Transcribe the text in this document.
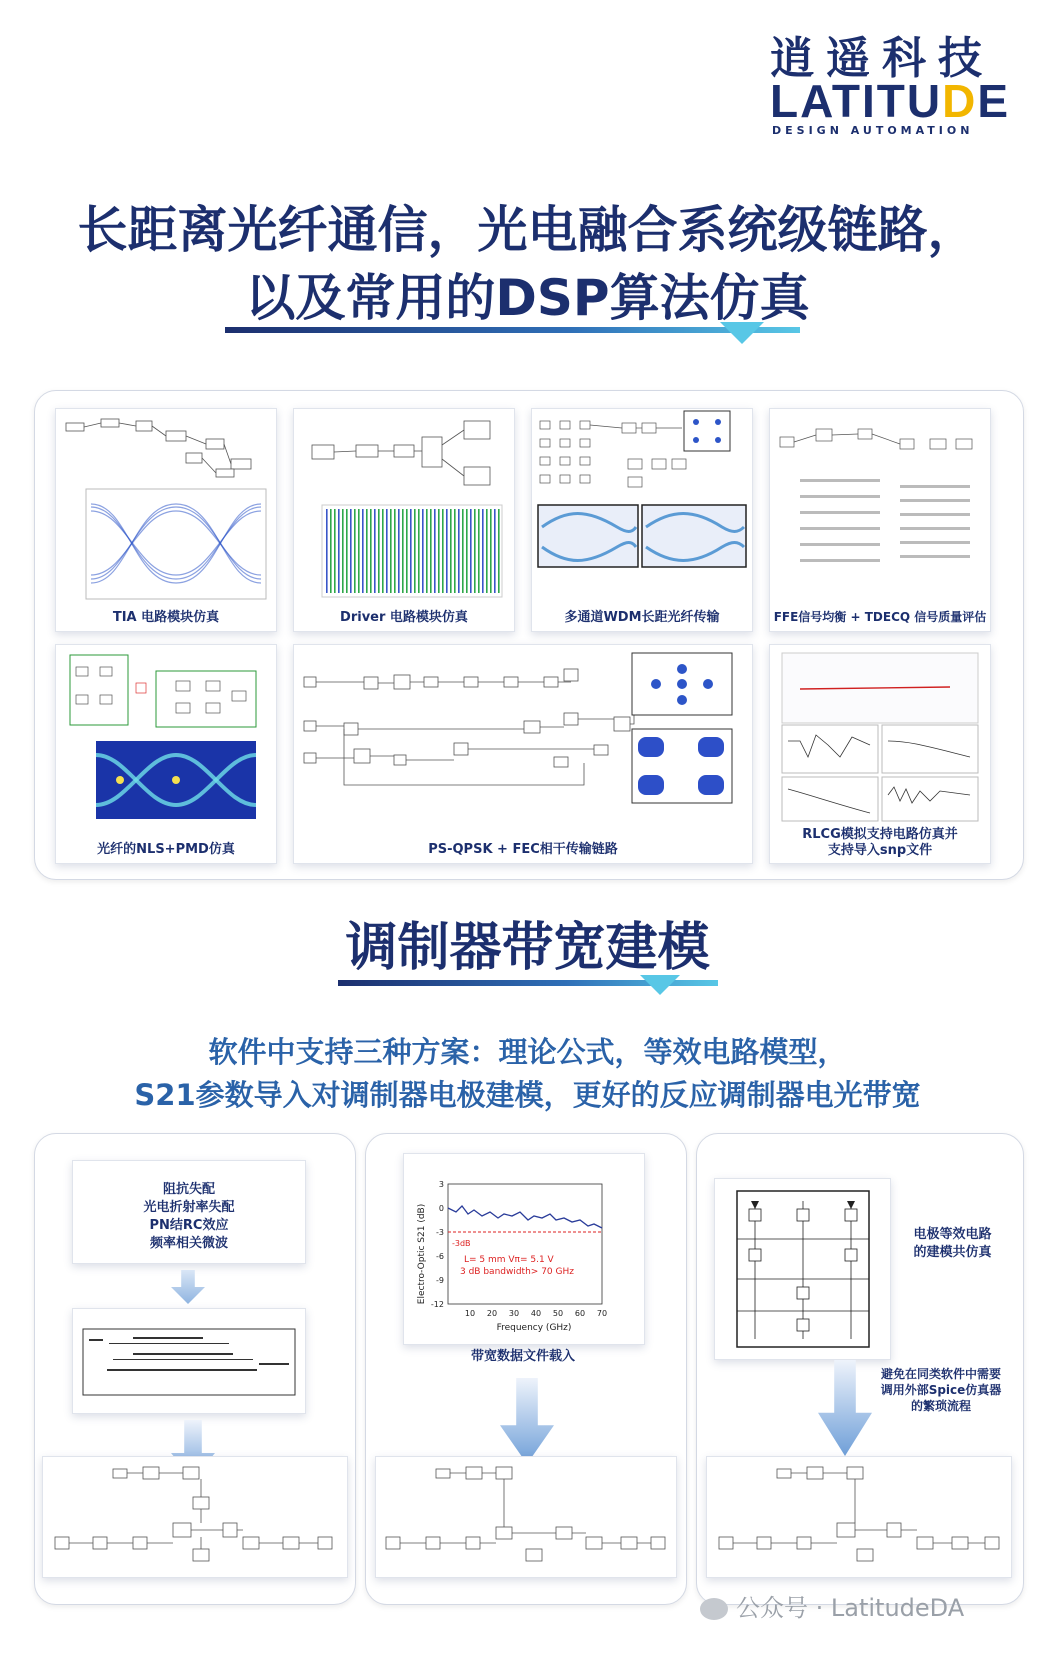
逍遥科技
LATITUDE
DESIGN AUTOMATION
长距离光纤通信，光电融合系统级链路，
以及常用的DSP算法仿真
TIA 电路模块仿真	Driver 电路模块仿真	多通道WDM长距光纤传输	FFE信号均衡 + TDECQ 信号质量评估
光纤的NLS+PMD仿真	PS-QPSK + FEC相干传输链路
RLCG模拟支持电路仿真并
支持导入snp文件
调制器带宽建模
软件中支持三种方案：理论公式，等效电路模型，
S21参数导入对调制器电极建模，更好的反应调制器电光带宽
阻抗失配
光电折射率失配
PN结RC效应
频率相关微波	Electro-Optic S21 (dB)
Frequency (GHz)
3
0
-3
-6
-9
-12
10 20 30 40 50 60 70
-3dB
L= 5 mm Vπ= 5.1 V
3 dB bandwidth> 70 GHz
带宽数据文件载入
电极等效电路
的建模共仿真
避免在同类软件中需要
调用外部Spice仿真器
的繁琐流程
公众号 · LatitudeDA
